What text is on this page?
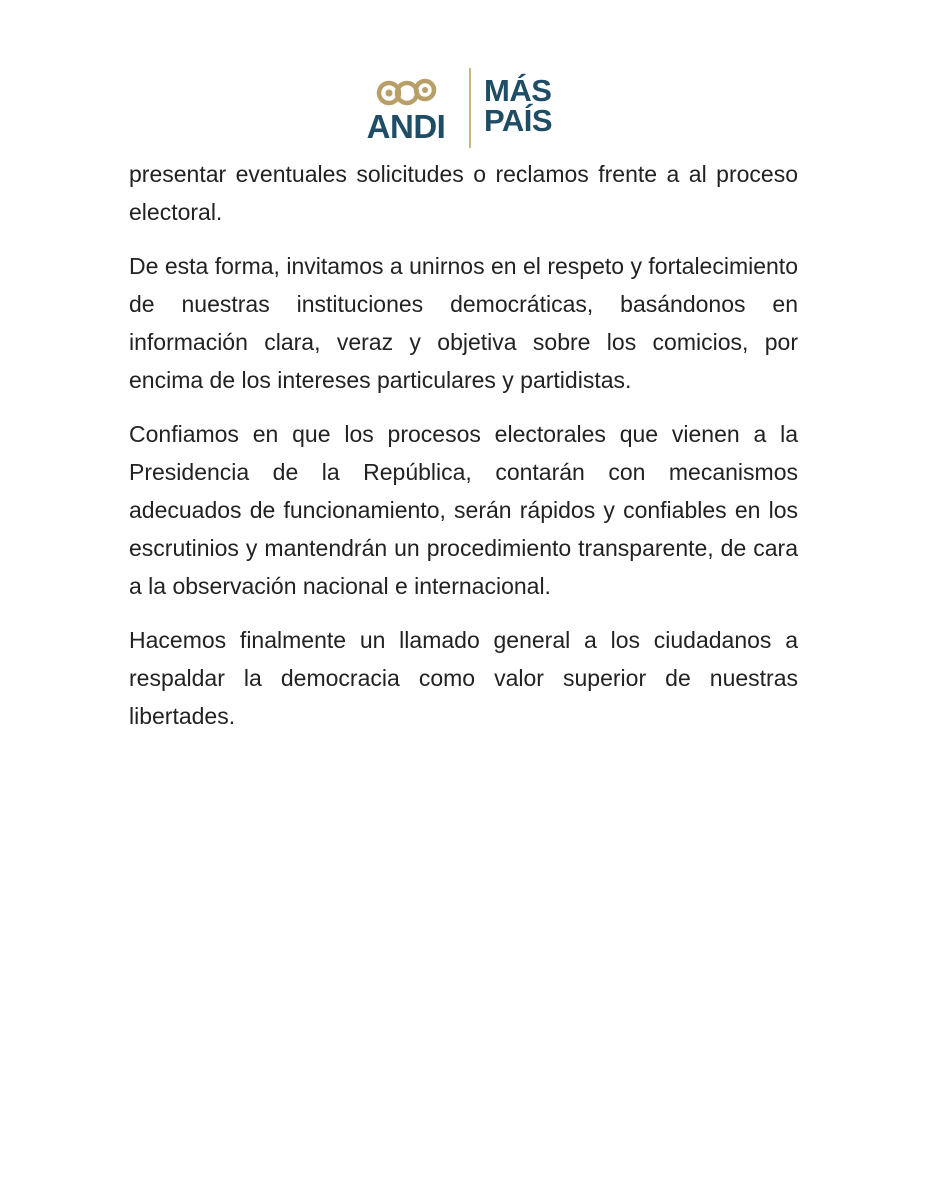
ANDI
MÁS
PAÍS

presentar eventuales solicitudes o reclamos frente a al proceso electoral.

De esta forma, invitamos a unirnos en el respeto y fortalecimiento de nuestras instituciones democráticas, basándonos en información clara, veraz y objetiva sobre los comicios, por encima de los intereses particulares y partidistas.

Confiamos en que los procesos electorales que vienen a la Presidencia de la República, contarán con mecanismos adecuados de funcionamiento, serán rápidos y confiables en los escrutinios y mantendrán un procedimiento transparente, de cara a la observación nacional e internacional.

Hacemos finalmente un llamado general a los ciudadanos a respaldar la democracia como valor superior de nuestras libertades.
